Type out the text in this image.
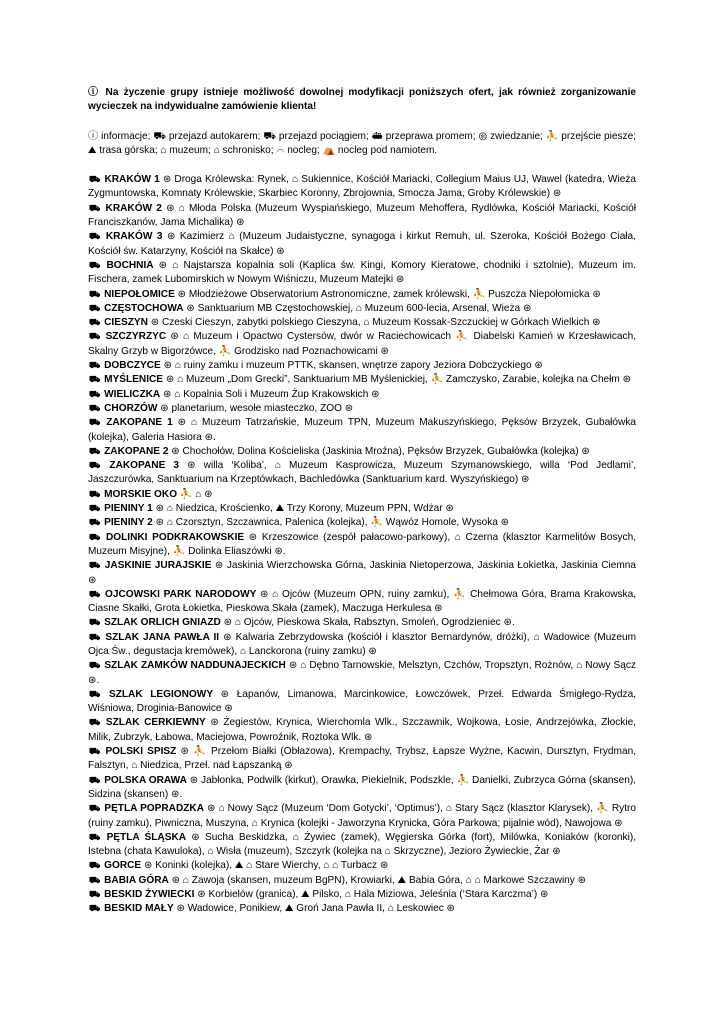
ⓘ Na życzenie grupy istnieje możliwość dowolnej modyfikacji poniższych ofert, jak również zorganizowanie wycieczek na indywidualne zamówienie klienta!

ⓘ informacje; ⛟ przejazd autokarem; ⛟ przejazd pociągiem; ⛴ przeprawa promem; ⊛ zwiedzanie; ⛹ przejście piesze; ⛰ trasa górska; ⌂ muzeum; ⌂ schronisko; ⌒ nocleg; ⛺ nocleg pod namiotem.

⛟ KRAKÓW 1 ⊛ Droga Królewska: Rynek, ⌂ Sukiennice, Kościół Mariacki, Collegium Maius UJ, Wawel (katedra, Wieża Zygmuntowska, Komnaty Królewskie, Skarbiec Koronny, Zbrojownia, Smocza Jama, Groby Królewskie) ⊛

⛟ KRAKÓW 2 ⊛ ⌂ Młoda Polska (Muzeum Wyspiańskiego, Muzeum Mehoffera, Rydlówka, Kościół Mariacki, Kościół Franciszkanów, Jama Michalika) ⊛

⛟ KRAKÓW 3 ⊛ Kazimierz ⌂ (Muzeum Judaistyczne, synagoga i kirkut Remuh, ul. Szeroka, Kościół Bożego Ciała, Kościół św. Katarzyny, Kościół na Skałce) ⊛

⛟ BOCHNIA ⊛ ⌂ Najstarsza kopalnia soli (Kaplica św. Kingi, Komory Kieratowe, chodniki i sztolnie), Muzeum im. Fischera, zamek Lubomirskich w Nowym Wiśniczu, Muzeum Matejki ⊛

⛟ NIEPOŁOMICE ⊛ Młodzieżowe Obserwatorium Astronomiczne, zamek królewski, ⛹ Puszcza Niepołomicka ⊛

⛟ CZĘSTOCHOWA ⊛ Sanktuarium MB Częstochowskiej, ⌂ Muzeum 600-lecia, Arsenał, Wieża ⊛

⛟ CIESZYN ⊛ Czeski Cieszyn, zabytki polskiego Cieszyna, ⌂ Muzeum Kossak-Szczuckiej w Górkach Wielkich ⊛

⛟ SZCZYRZYC ⊛ ⌂ Muzeum i Opactwo Cystersów, dwór w Raciechowicach ⛹ Diabelski Kamień w Krzesławicach, Skalny Grzyb w Bigorzówce, ⛹ Grodzisko nad Poznachowicami ⊛

⛟ DOBCZYCE ⊛ ⌂ ruiny zamku i muzeum PTTK, skansen, wnętrze zapory Jeziora Dobczyckiego ⊛

⛟ MYŚLENICE ⊛ ⌂ Muzeum „Dom Grecki”, Sanktuarium MB Myślenickiej, ⛹ Zamczysko, Zarabie, kolejka na Chełm ⊛

⛟ WIELICZKA ⊛ ⌂ Kopalnia Soli i Muzeum Żup Krakowskich ⊛

⛟ CHORZÓW ⊛ planetarium, wesołe miasteczko, ZOO ⊛

⛟ ZAKOPANE 1 ⊛ ⌂ Muzeum Tatrzańskie, Muzeum TPN, Muzeum Makuszyńskiego, Pęksów Brzyzek, Gubałówka (kolejka), Galeria Hasiora ⊛.

⛟ ZAKOPANE 2 ⊛ Chochołów, Dolina Kościeliska (Jaskinia Mroźna), Pęksów Brzyzek, Gubałówka (kolejka) ⊛

⛟ ZAKOPANE 3 ⊛ willa ‘Koliba’, ⌂ Muzeum Kasprowicza, Muzeum Szymanowskiego, willa ‘Pod Jedlami’, Jaszczurówka, Sanktuarium na Krzeptówkach, Bachledówka (Sanktuarium kard. Wyszyńskiego) ⊛

⛟ MORSKIE OKO ⛹ ⌂ ⊛

⛟ PIENINY 1 ⊛ ⌂ Niedzica, Krościenko, ⛰ Trzy Korony, Muzeum PPN, Wdżar ⊛

⛟ PIENINY 2 ⊛ ⌂ Czorsztyn, Szczawnica, Palenica (kolejka), ⛹ Wąwóz Homole, Wysoka ⊛

⛟ DOLINKI PODKRAKOWSKIE ⊛ Krzeszowice (zespół pałacowo-parkowy), ⌂ Czerna (klasztor Karmelitów Bosych, Muzeum Misyjne), ⛹ Dolinka Eliaszówki ⊛.

⛟ JASKINIE JURAJSKIE ⊛ Jaskinia Wierzchowska Górna, Jaskinia Nietoperzowa, Jaskinia Łokietka, Jaskinia Ciemna ⊛

⛟ OJCOWSKI PARK NARODOWY ⊛ ⌂ Ojców (Muzeum OPN, ruiny zamku), ⛹ Chełmowa Góra, Brama Krakowska, Ciasne Skałki, Grota Łokietka, Pieskowa Skała (zamek), Maczuga Herkulesa ⊛

⛟ SZLAK ORLICH GNIAZD ⊛ ⌂ Ojców, Pieskowa Skała, Rabsztyn, Smoleń, Ogrodzieniec ⊛.

⛟ SZLAK JANA PAWŁA II ⊛ Kalwaria Zebrzydowska (kościół i klasztor Bernardynów, dróżki), ⌂ Wadowice (Muzeum Ojca Św., degustacja kremówek), ⌂ Lanckorona (ruiny zamku) ⊛

⛟ SZLAK ZAMKÓW NADDUNAJECKICH ⊛ ⌂ Dębno Tarnowskie, Melsztyn, Czchów, Tropsztyn, Rożnów, ⌂ Nowy Sącz ⊛.

⛟ SZLAK LEGIONOWY ⊛ Łapanów, Limanowa, Marcinkowice, Łowczówek, Przeł. Edwarda Śmigłego-Rydza, Wiśniowa, Droginia-Banowice ⊛

⛟ SZLAK CERKIEWNY ⊛ Żegiestów, Krynica, Wierchomla Wlk., Szczawnik, Wojkowa, Łosie, Andrzejówka, Złockie, Milik, Zubrzyk, Łabowa, Maciejowa, Powroźnik, Roztoka Wlk. ⊛

⛟ POLSKI SPISZ ⊛ ⛹ Przełom Białki (Obłazowa), Krempachy, Trybsz, Łapsze Wyżne, Kacwin, Dursztyn, Frydman, Falsztyn, ⌂ Niedzica, Przeł. nad Łapszanką ⊛

⛟ POLSKA ORAWA ⊛ Jabłonka, Podwilk (kirkut), Orawka, Piekielnik, Podszkle, ⛹ Danielki, Zubrzyca Górna (skansen), Sidzina (skansen) ⊛.

⛟ PĘTLA POPRADZKA ⊛ ⌂ Nowy Sącz (Muzeum ‘Dom Gotycki’, ‘Optimus’), ⌂ Stary Sącz (klasztor Klarysek), ⛹ Rytro (ruiny zamku), Piwniczna, Muszyna, ⌂ Krynica (kolejki - Jaworzyna Krynicka, Góra Parkowa; pijalnie wód), Nawojowa ⊛

⛟ PĘTLA ŚLĄSKA ⊛ Sucha Beskidzka, ⌂ Żywiec (zamek), Węgierska Górka (fort), Milówka, Koniaków (koronki), Istebna (chata Kawuloka), ⌂ Wisła (muzeum), Szczyrk (kolejka na ⌂ Skrzyczne), Jezioro Żywieckie, Żar ⊛

⛟ GORCE ⊛ Koninki (kolejka), ⛰ ⌂ Stare Wierchy, ⌂ ⌂ Turbacz ⊛

⛟ BABIA GÓRA ⊛ ⌂ Zawoja (skansen, muzeum BgPN), Krowiarki, ⛰ Babia Góra, ⌂ ⌂ Markowe Szczawiny ⊛

⛟ BESKID ŻYWIECKI ⊛ Korbielów (granica), ⛰ Pilsko, ⌂ Hala Miziowa, Jeleśnia (‘Stara Karczma’) ⊛

⛟ BESKID MAŁY ⊛ Wadowice, Ponikiew, ⛰ Groń Jana Pawła II, ⌂ Leskowiec ⊛
